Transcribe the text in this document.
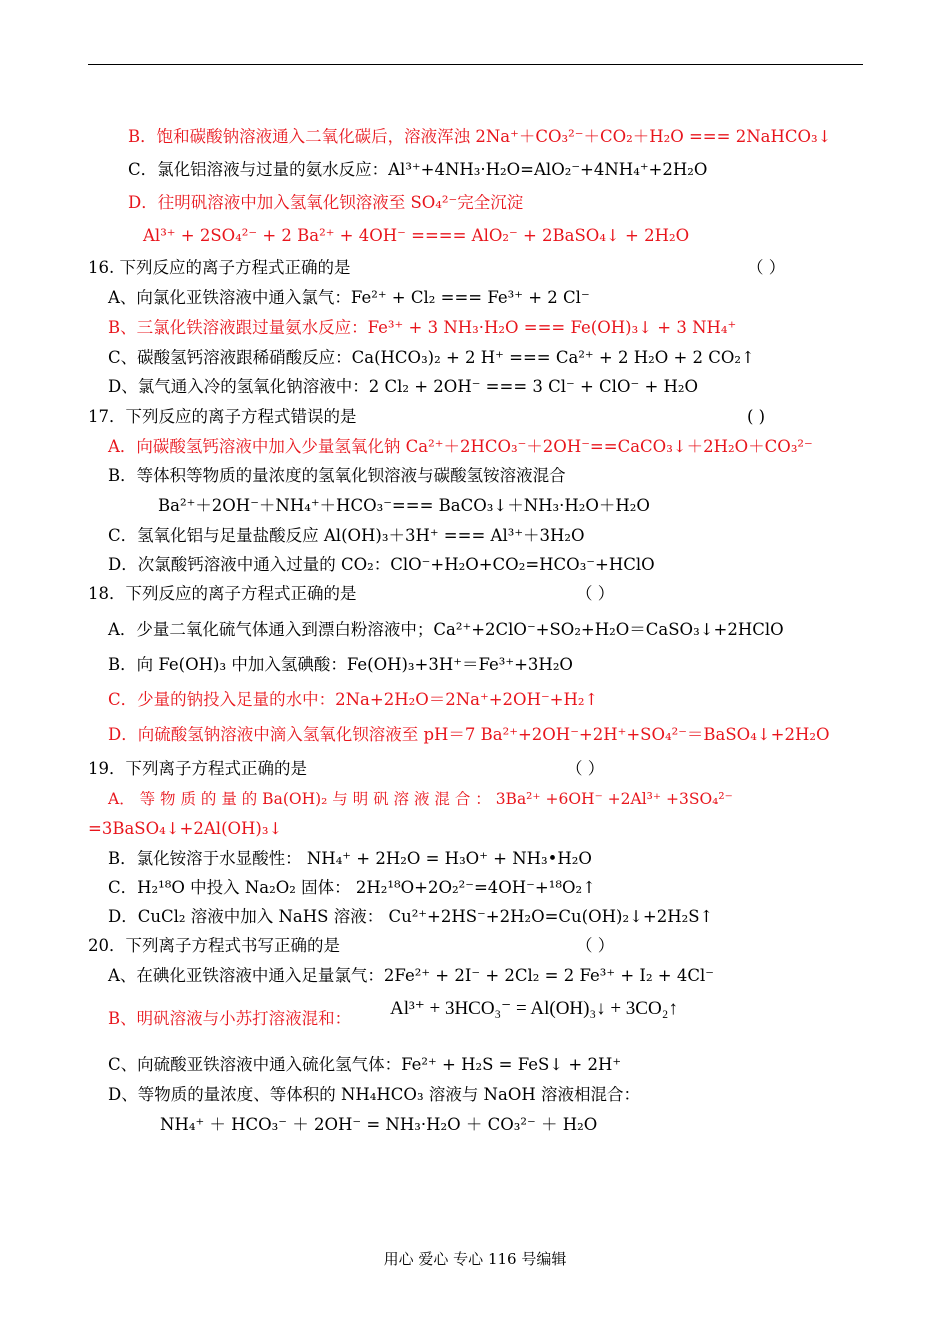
B．饱和碳酸钠溶液通入二氧化碳后，溶液浑浊 2Na⁺＋CO₃²⁻＋CO₂＋H₂O === 2NaHCO₃↓
C．氯化铝溶液与过量的氨水反应：Al³⁺+4NH₃·H₂O=AlO₂⁻+4NH₄⁺+2H₂O
D．往明矾溶液中加入氢氧化钡溶液至 SO₄²⁻完全沉淀
Al³⁺ + 2SO₄²⁻ + 2 Ba²⁺ + 4OH⁻ ==== AlO₂⁻ + 2BaSO₄↓ + 2H₂O
16. 下列反应的离子方程式正确的是	（ ）
A、向氯化亚铁溶液中通入氯气：Fe²⁺ + Cl₂ === Fe³⁺ + 2 Cl⁻
B、三氯化铁溶液跟过量氨水反应：Fe³⁺ + 3 NH₃·H₂O === Fe(OH)₃↓ + 3 NH₄⁺
C、碳酸氢钙溶液跟稀硝酸反应：Ca(HCO₃)₂ + 2 H⁺ === Ca²⁺ + 2 H₂O + 2 CO₂↑
D、氯气通入冷的氢氧化钠溶液中：2 Cl₂ + 2OH⁻ === 3 Cl⁻ + ClO⁻ + H₂O
17．下列反应的离子方程式错误的是	( )
A．向碳酸氢钙溶液中加入少量氢氧化钠 Ca²⁺＋2HCO₃⁻＋2OH⁻==CaCO₃↓＋2H₂O＋CO₃²⁻
B．等体积等物质的量浓度的氢氧化钡溶液与碳酸氢铵溶液混合
Ba²⁺＋2OH⁻＋NH₄⁺＋HCO₃⁻=== BaCO₃↓＋NH₃·H₂O＋H₂O
C．氢氧化铝与足量盐酸反应 Al(OH)₃＋3H⁺ === Al³⁺＋3H₂O
D．次氯酸钙溶液中通入过量的 CO₂：ClO⁻+H₂O+CO₂=HCO₃⁻+HClO
18．下列反应的离子方程式正确的是	（ ）
A．少量二氧化硫气体通入到漂白粉溶液中；Ca²⁺+2ClO⁻+SO₂+H₂O＝CaSO₃↓+2HClO
B．向 Fe(OH)₃ 中加入氢碘酸：Fe(OH)₃+3H⁺＝Fe³⁺+3H₂O
C．少量的钠投入足量的水中：2Na+2H₂O＝2Na⁺+2OH⁻+H₂↑
D．向硫酸氢钠溶液中滴入氢氧化钡溶液至 pH＝7 Ba²⁺+2OH⁻+2H⁺+SO₄²⁻＝BaSO₄↓+2H₂O
19．下列离子方程式正确的是	（ ）
A． 等 物 质 的 量 的 Ba(OH)₂ 与 明 矾 溶 液 混 合 ： 3Ba²⁺ +6OH⁻ +2Al³⁺ +3SO₄²⁻
=3BaSO₄↓+2Al(OH)₃↓
B．氯化铵溶于水显酸性： NH₄⁺ + 2H₂O = H₃O⁺ + NH₃•H₂O
C．H₂¹⁸O 中投入 Na₂O₂ 固体： 2H₂¹⁸O+2O₂²⁻=4OH⁻+¹⁸O₂↑
D．CuCl₂ 溶液中加入 NaHS 溶液： Cu²⁺+2HS⁻+2H₂O=Cu(OH)₂↓+2H₂S↑
20．下列离子方程式书写正确的是	（ ）
A、在碘化亚铁溶液中通入足量氯气：2Fe²⁺ + 2I⁻ + 2Cl₂ = 2 Fe³⁺ + I₂ + 4Cl⁻
B、明矾溶液与小苏打溶液混和： Al³⁺ + 3HCO₃⁻ = Al(OH)₃↓ + 3CO₂↑
C、向硫酸亚铁溶液中通入硫化氢气体：Fe²⁺ + H₂S = FeS↓ + 2H⁺
D、等物质的量浓度、等体积的 NH₄HCO₃ 溶液与 NaOH 溶液相混合：
NH₄⁺ ＋ HCO₃⁻ ＋ 2OH⁻ = NH₃·H₂O ＋ CO₃²⁻ ＋ H₂O
用心 爱心 专心 116 号编辑
